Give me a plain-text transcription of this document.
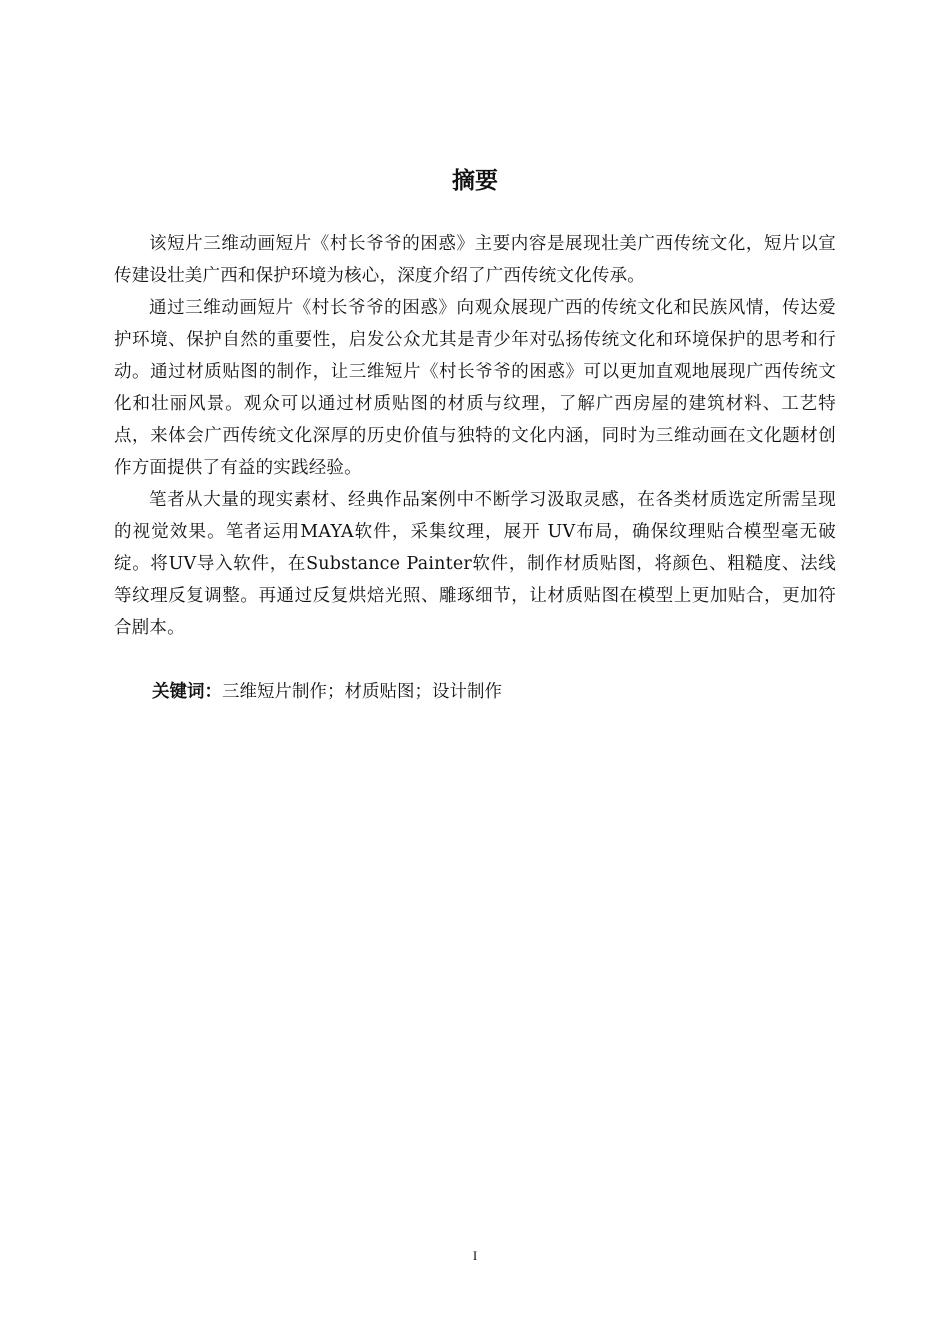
摘要

该短片三维动画短片《村长爷爷的困惑》主要内容是展现壮美广西传统文化，短片以宣传建设壮美广西和保护环境为核心，深度介绍了广西传统文化传承。

通过三维动画短片《村长爷爷的困惑》向观众展现广西的传统文化和民族风情，传达爱护环境、保护自然的重要性，启发公众尤其是青少年对弘扬传统文化和环境保护的思考和行动。通过材质贴图的制作，让三维短片《村长爷爷的困惑》可以更加直观地展现广西传统文化和壮丽风景。观众可以通过材质贴图的材质与纹理，了解广西房屋的建筑材料、工艺特点，来体会广西传统文化深厚的历史价值与独特的文化内涵，同时为三维动画在文化题材创作方面提供了有益的实践经验。

笔者从大量的现实素材、经典作品案例中不断学习汲取灵感，在各类材质选定所需呈现的视觉效果。笔者运用MAYA软件，采集纹理，展开 UV布局，确保纹理贴合模型毫无破绽。将UV导入软件，在Substance Painter软件，制作材质贴图，将颜色、粗糙度、法线等纹理反复调整。再通过反复烘焙光照、雕琢细节，让材质贴图在模型上更加贴合，更加符合剧本。

关键词：三维短片制作；材质贴图；设计制作
I
